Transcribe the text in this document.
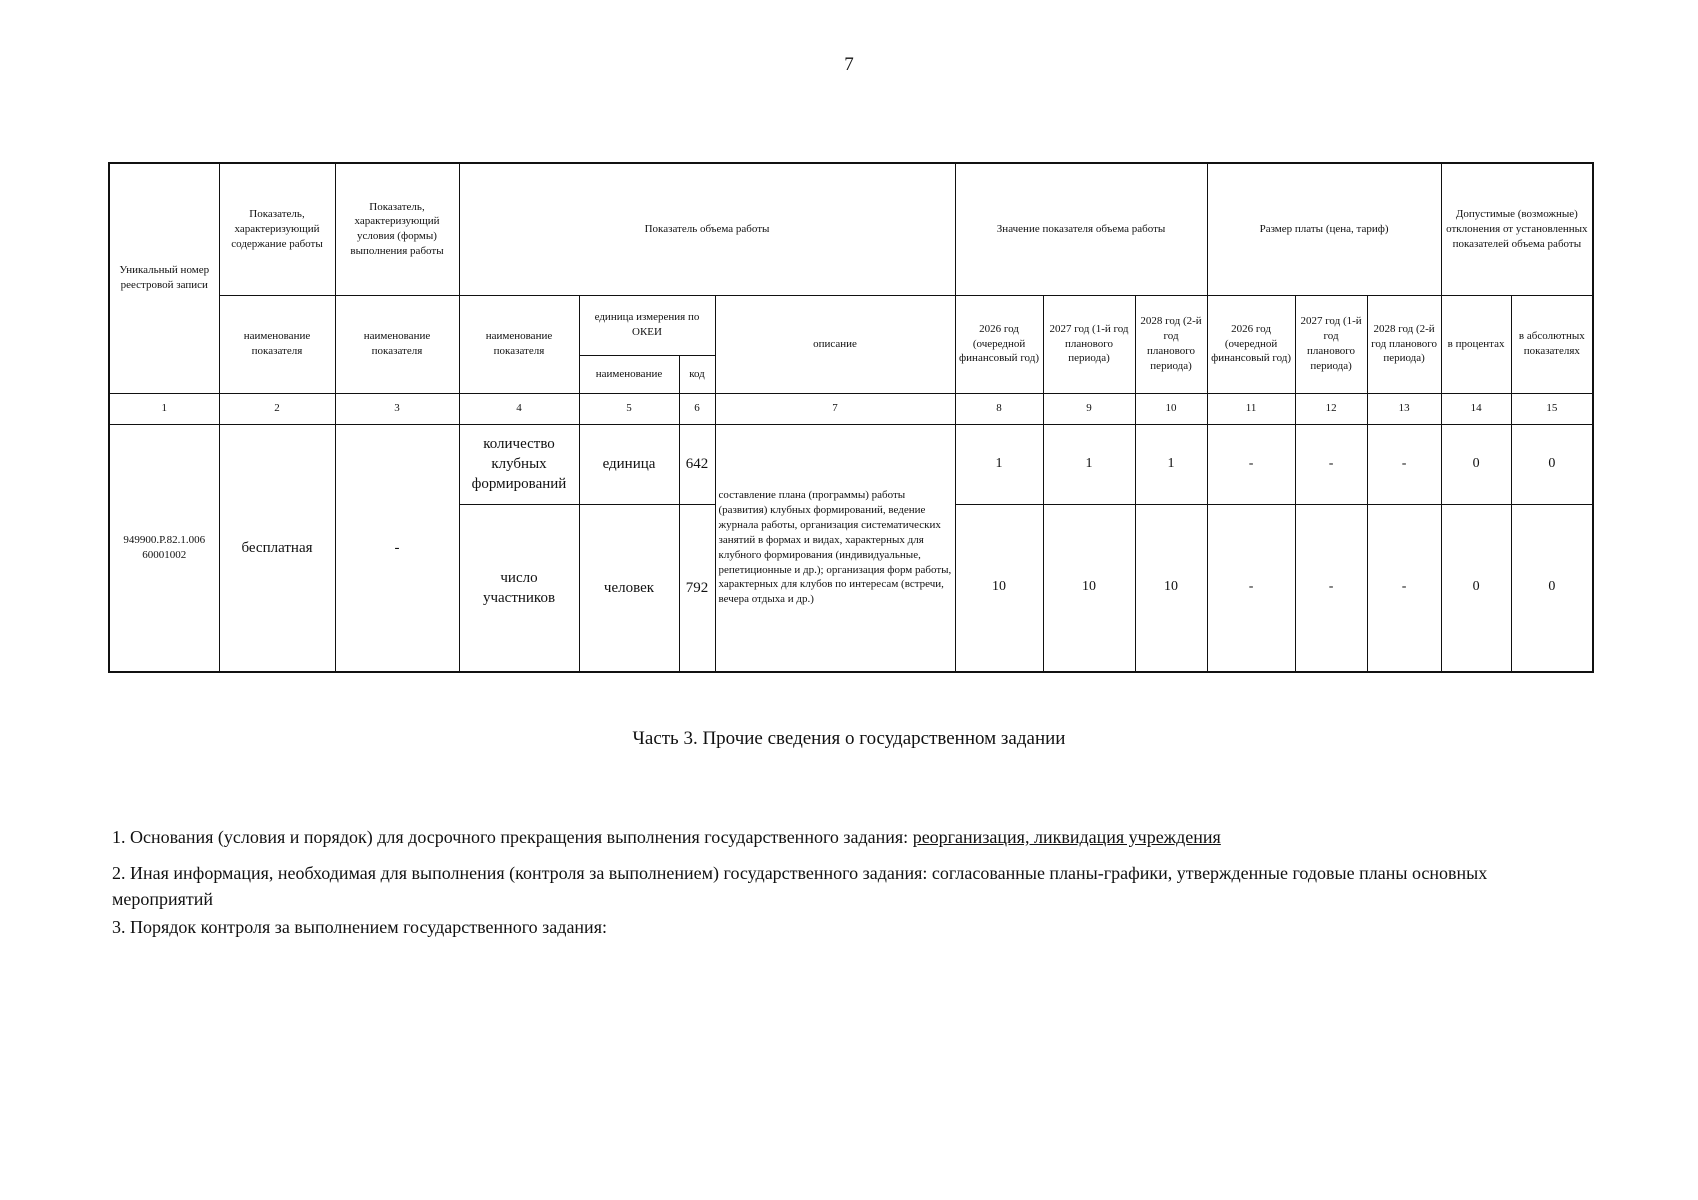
7
Уникальный номер реестровой записи	Показатель, характеризующий содержание работы	Показатель, характеризующий условия (формы) выполнения работы	Показатель объема работы				Значение показателя объема работы			Размер платы (цена, тариф)			Допустимые (возможные) отклонения от установленных показателей объема работы	
	наименование показателя	наименование показателя	наименование показателя	единица измерения по ОКЕИ		описание	2026 год (очередной финансовый год)	2027 год (1-й год планового периода)	2028 год (2-й год планового периода)	2026 год (очередной финансовый год)	2027 год (1-й год планового периода)	2028 год (2-й год планового периода)	в процентах	в абсолютных показателях
				наименование	код									
1	2	3	4	5	6	7	8	9	10	11	12	13	14	15
949900.Р.82.1.006 60001002	бесплатная	-	количество клубных формирований	единица	642	составление плана (программы) работы (развития) клубных формирований, ведение журнала работы, организация систематических занятий в формах и видах, характерных для клубного формирования (индивидуальные, репетиционные и др.); организация форм работы, характерных для клубов по интересам (встречи, вечера отдыха и др.)	1	1	1	-	-	-	0	0
			число участников	человек	792		10	10	10	-	-	-	0	0
Часть 3. Прочие сведения о государственном задании
1. Основания (условия и порядок) для досрочного прекращения выполнения государственного задания: реорганизация, ликвидация учреждения
2. Иная информация, необходимая для выполнения (контроля за выполнением) государственного задания: согласованные планы-графики, утвержденные годовые планы основных мероприятий
3. Порядок контроля за выполнением государственного задания:
